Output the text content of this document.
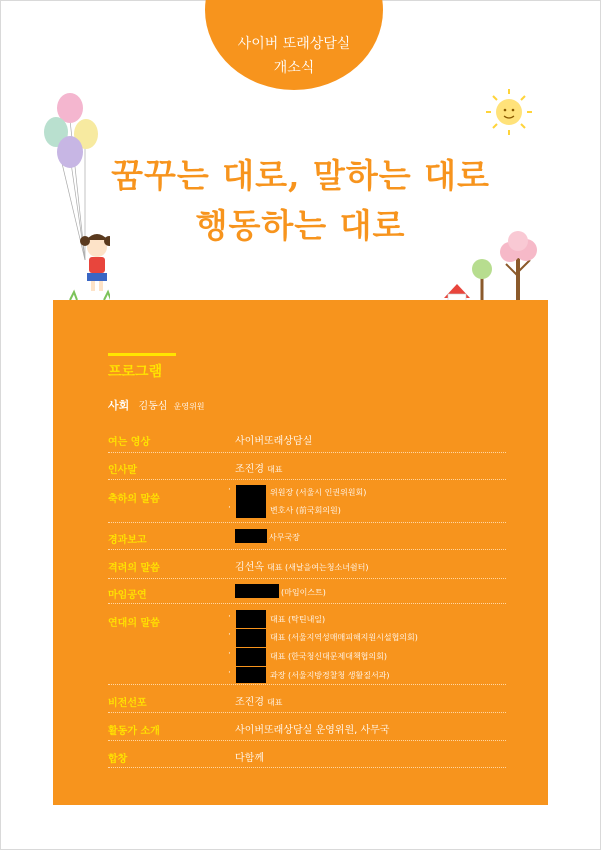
사이버 또래상담실
개소식
꿈꾸는 대로, 말하는 대로
행동하는 대로
프로그램
사회 김동심 운영위원
여는 영상	사이버또래상담실
인사말	조진경 대표
축하의 말씀
·	위원장 (서울시 인권위원회)
·	변호사 (前국회의원)
경과보고	사무국장
격려의 말씀	김선옥 대표 (새날을여는청소녀쉼터)
마임공연	(마임이스트)
연대의 말씀
·	대표 (탁틴내일)
·	대표 (서울지역성매매피해지원시설협의회)
·	대표 (한국청신대문제대책협의회)
·	과장 (서울지방경찰청 생활질서과)
비전선포	조진경 대표
활동가 소개	사이버또래상담실 운영위원, 사무국
합창	다함께
